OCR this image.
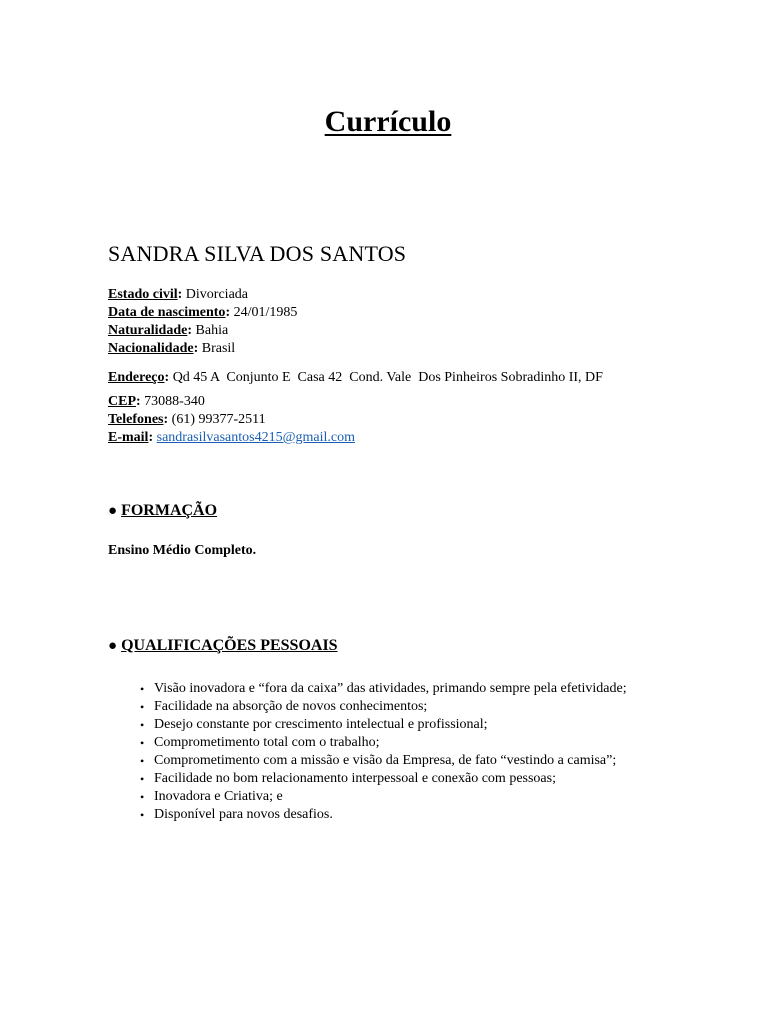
Currículo
SANDRA SILVA DOS SANTOS
Estado civil: Divorciada
Data de nascimento: 24/01/1985
Naturalidade: Bahia
Nacionalidade: Brasil
Endereço: Qd 45 A  Conjunto E  Casa 42  Cond. Vale  Dos Pinheiros Sobradinho II, DF
CEP: 73088-340
Telefones: (61) 99377-2511
E-mail: sandrasilvasantos4215@gmail.com
● FORMAÇÃO

Ensino Médio Completo.

● QUALIFICAÇÕES PESSOAIS
• Visão inovadora e “fora da caixa” das atividades, primando sempre pela efetividade;
• Facilidade na absorção de novos conhecimentos;
• Desejo constante por crescimento intelectual e profissional;
• Comprometimento total com o trabalho;
• Comprometimento com a missão e visão da Empresa, de fato “vestindo a camisa”;
• Facilidade no bom relacionamento interpessoal e conexão com pessoas;
• Inovadora e Criativa; e
• Disponível para novos desafios.
